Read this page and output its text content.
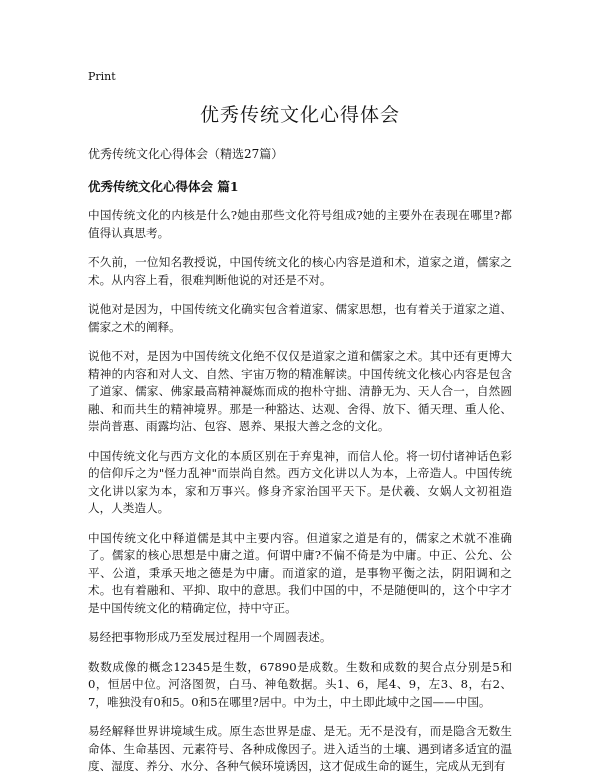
Print
优秀传统文化心得体会

优秀传统文化心得体会（精选27篇）

优秀传统文化心得体会 篇1

中国传统文化的内核是什么?她由那些文化符号组成?她的主要外在表现在哪里?都值得认真思考。

不久前，一位知名教授说，中国传统文化的核心内容是道和术，道家之道，儒家之术。从内容上看，很难判断他说的对还是不对。

说他对是因为，中国传统文化确实包含着道家、儒家思想，也有着关于道家之道、儒家之术的阐释。

说他不对，是因为中国传统文化绝不仅仅是道家之道和儒家之术。其中还有更博大精神的内容和对人文、自然、宇宙万物的精准解读。中国传统文化核心内容是包含了道家、儒家、佛家最高精神凝炼而成的抱朴守拙、清静无为、天人合一，自然圆融、和而共生的精神境界。那是一种豁达、达观、舍得、放下、循天理、重人伦、崇尚普惠、雨露均沾、包容、恩养、果报大善之念的文化。

中国传统文化与西方文化的本质区别在于弃鬼神，而信人伦。将一切付诸神话色彩的信仰斥之为"怪力乱神"而崇尚自然。西方文化讲以人为本，上帝造人。中国传统文化讲以家为本，家和万事兴。修身齐家治国平天下。是伏羲、女娲人文初祖造人，人类造人。

中国传统文化中释道儒是其中主要内容。但道家之道是有的，儒家之术就不准确了。儒家的核心思想是中庸之道。何谓中庸?不偏不倚是为中庸。中正、公允、公平、公道，秉承天地之德是为中庸。而道家的道，是事物平衡之法，阴阳调和之术。也有着融和、平抑、取中的意思。我们中国的中，不是随便叫的，这个中字才是中国传统文化的精确定位，持中守正。

易经把事物形成乃至发展过程用一个周圆表述。

数数成像的概念12345是生数，67890是成数。生数和成数的契合点分别是5和0，恒居中位。河洛图贺，白马、神龟数据。头1、6，尾4、9，左3、8，右2、7，唯独没有0和5。0和5在哪里?居中。中为土，中土即此域中之国——中国。

易经解释世界讲境域生成。原生态世界是虚、是无。无不是没有，而是隐含无数生命体、生命基因、元素符号、各种成像因子。进入适当的土壤、遇到诸多适宜的温度、湿度、养分、水分、各种气候环境诱因，这才促成生命的诞生，完成从无到有
